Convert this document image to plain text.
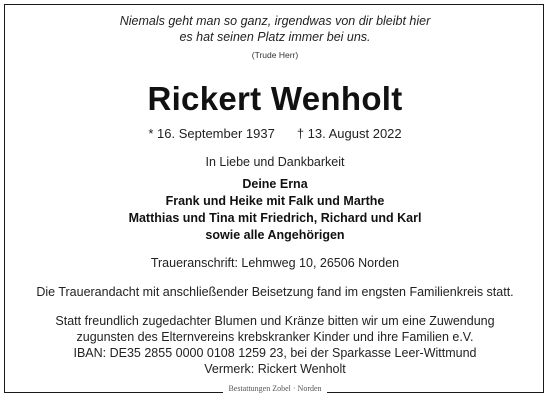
Niemals geht man so ganz, irgendwas von dir bleibt hier
es hat seinen Platz immer bei uns.
(Trude Herr)
Rickert Wenholt
* 16. September 1937 † 13. August 2022
In Liebe und Dankbarkeit
Deine Erna
Frank und Heike mit Falk und Marthe
Matthias und Tina mit Friedrich, Richard und Karl
sowie alle Angehörigen
Traueranschrift: Lehmweg 10, 26506 Norden
Die Trauerandacht mit anschließender Beisetzung fand im engsten Familienkreis statt.
Statt freundlich zugedachter Blumen und Kränze bitten wir um eine Zuwendung
zugunsten des Elternvereins krebskranker Kinder und ihre Familien e.V.
IBAN: DE35 2855 0000 0108 1259 23, bei der Sparkasse Leer-Wittmund
Vermerk: Rickert Wenholt
Bestattungen Zobel · Norden
